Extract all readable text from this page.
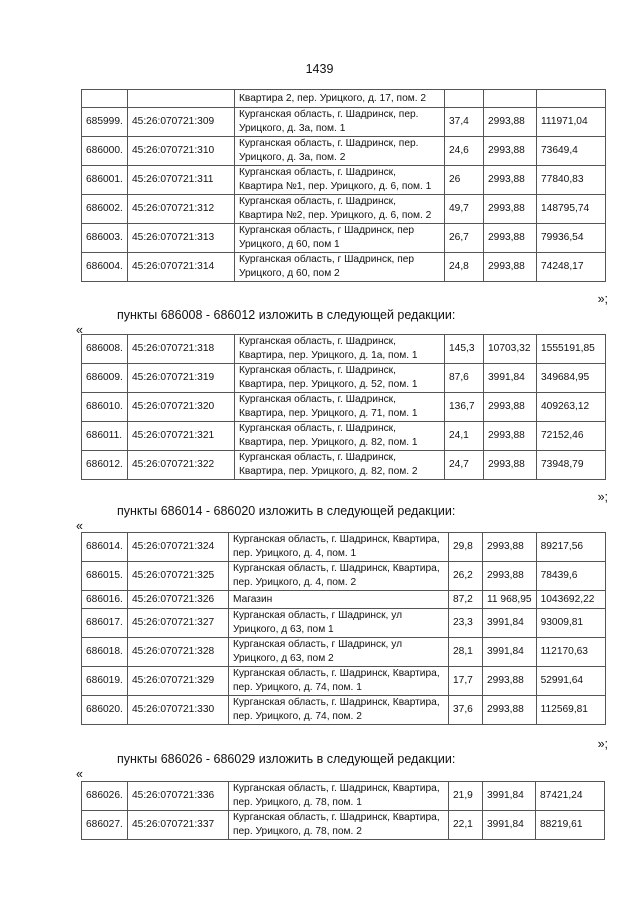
1439
		Квартира 2, пер. Урицкого, д. 17, пом. 2			
685999.	45:26:070721:309	Курганская область, г. Шадринск, пер. Урицкого, д. 3а, пом. 1	37,4	2993,88	111971,04
686000.	45:26:070721:310	Курганская область, г. Шадринск, пер. Урицкого, д. 3а, пом. 2	24,6	2993,88	73649,4
686001.	45:26:070721:311	Курганская область, г. Шадринск, Квартира №1, пер. Урицкого, д. 6, пом. 1	26	2993,88	77840,83
686002.	45:26:070721:312	Курганская область, г. Шадринск, Квартира №2, пер. Урицкого, д. 6, пом. 2	49,7	2993,88	148795,74
686003.	45:26:070721:313	Курганская область, г Шадринск, пер Урицкого, д 60, пом 1	26,7	2993,88	79936,54
686004.	45:26:070721:314	Курганская область, г Шадринск, пер Урицкого, д 60, пом 2	24,8	2993,88	74248,17
»;
пункты 686008 - 686012 изложить в следующей редакции:
«
686008.	45:26:070721:318	Курганская область, г. Шадринск, Квартира, пер. Урицкого, д. 1а, пом. 1	145,3	10703,32	1555191,85
686009.	45:26:070721:319	Курганская область, г. Шадринск, Квартира, пер. Урицкого, д. 52, пом. 1	87,6	3991,84	349684,95
686010.	45:26:070721:320	Курганская область, г. Шадринск, Квартира, пер. Урицкого, д. 71, пом. 1	136,7	2993,88	409263,12
686011.	45:26:070721:321	Курганская область, г. Шадринск, Квартира, пер. Урицкого, д. 82, пом. 1	24,1	2993,88	72152,46
686012.	45:26:070721:322	Курганская область, г. Шадринск, Квартира, пер. Урицкого, д. 82, пом. 2	24,7	2993,88	73948,79
»;
пункты 686014 - 686020 изложить в следующей редакции:
«
686014.	45:26:070721:324	Курганская область, г. Шадринск, Квартира, пер. Урицкого, д. 4, пом. 1	29,8	2993,88	89217,56
686015.	45:26:070721:325	Курганская область, г. Шадринск, Квартира, пер. Урицкого, д. 4, пом. 2	26,2	2993,88	78439,6
686016.	45:26:070721:326	Магазин	87,2	11 968,95	1043692,22
686017.	45:26:070721:327	Курганская область, г Шадринск, ул Урицкого, д 63, пом 1	23,3	3991,84	93009,81
686018.	45:26:070721:328	Курганская область, г Шадринск, ул Урицкого, д 63, пом 2	28,1	3991,84	112170,63
686019.	45:26:070721:329	Курганская область, г. Шадринск, Квартира, пер. Урицкого, д. 74, пом. 1	17,7	2993,88	52991,64
686020.	45:26:070721:330	Курганская область, г. Шадринск, Квартира, пер. Урицкого, д. 74, пом. 2	37,6	2993,88	112569,81
»;
пункты 686026 - 686029 изложить в следующей редакции:
«
686026.	45:26:070721:336	Курганская область, г. Шадринск, Квартира, пер. Урицкого, д. 78, пом. 1	21,9	3991,84	87421,24
686027.	45:26:070721:337	Курганская область, г. Шадринск, Квартира, пер. Урицкого, д. 78, пом. 2	22,1	3991,84	88219,61
